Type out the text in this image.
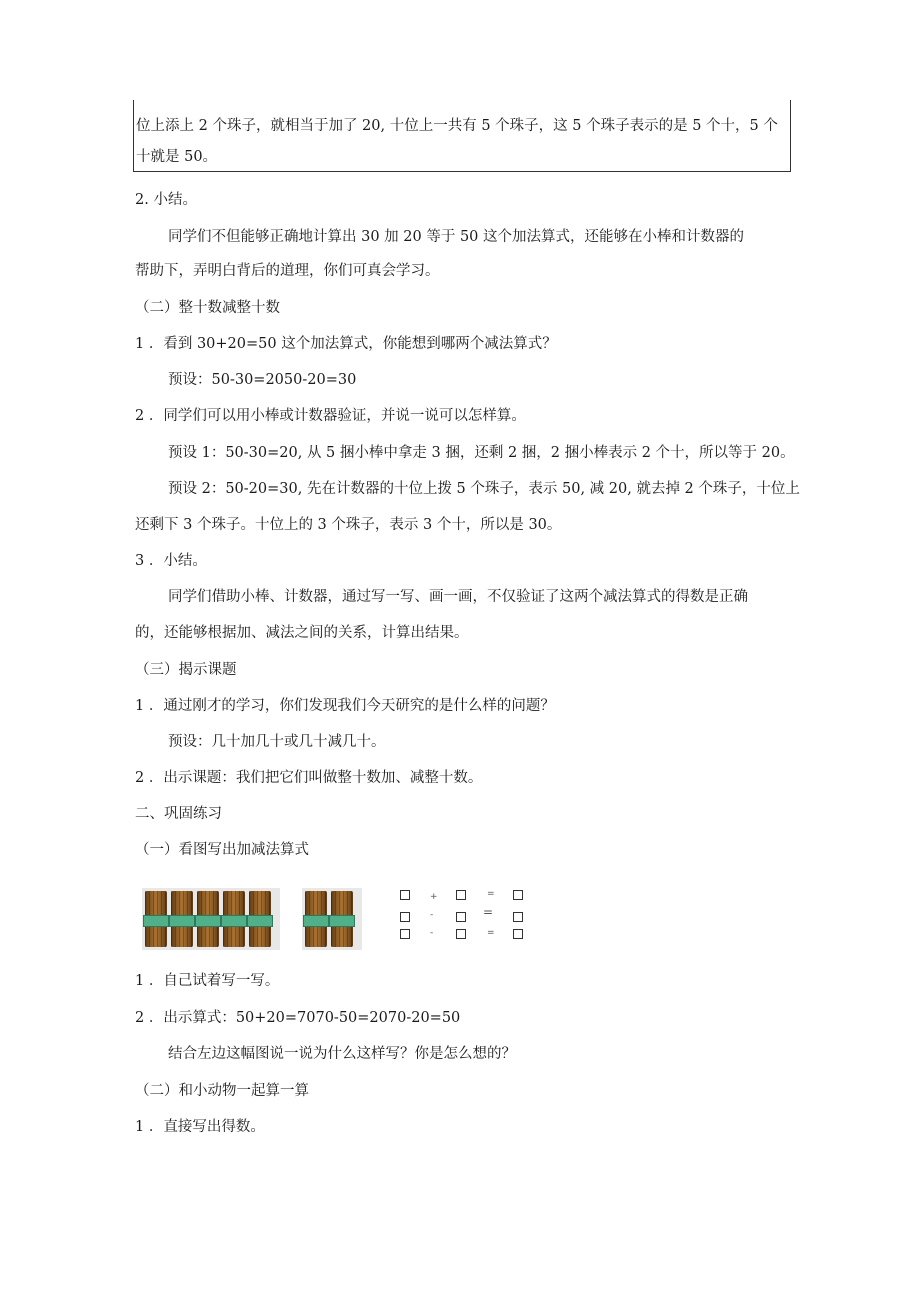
位上添上 2 个珠子，就相当于加了 20, 十位上一共有 5 个珠子，这 5 个珠子表示的是 5 个十，5 个
十就是 50。
2. 小结。
同学们不但能够正确地计算出 30 加 20 等于 50 这个加法算式，还能够在小棒和计数器的
帮助下，弄明白背后的道理，你们可真会学习。
（二）整十数减整十数
1 ．看到 30+20=50 这个加法算式，你能想到哪两个减法算式？
预设：50-30=2050-20=30
2 ．同学们可以用小棒或计数器验证，并说一说可以怎样算。
预设 1：50-30=20, 从 5 捆小棒中拿走 3 捆，还剩 2 捆，2 捆小棒表示 2 个十，所以等于 20。
预设 2：50-20=30, 先在计数器的十位上拨 5 个珠子，表示 50, 减 20, 就去掉 2 个珠子，十位上
还剩下 3 个珠子。十位上的 3 个珠子，表示 3 个十，所以是 30。
3 ．小结。
同学们借助小棒、计数器，通过写一写、画一画，不仅验证了这两个减法算式的得数是正确
的，还能够根据加、减法之间的关系，计算出结果。
（三）揭示课题
1 ．通过刚才的学习，你们发现我们今天研究的是什么样的问题？
预设：几十加几十或几十减几十。
2 ．出示课题：我们把它们叫做整十数加、减整十数。
二、巩固练习
（一）看图写出加减法算式
+	=
-	=
-	=
1 ．自己试着写一写。
2 ．出示算式：50+20=7070-50=2070-20=50
结合左边这幅图说一说为什么这样写？你是怎么想的？
（二）和小动物一起算一算
1 ．直接写出得数。
